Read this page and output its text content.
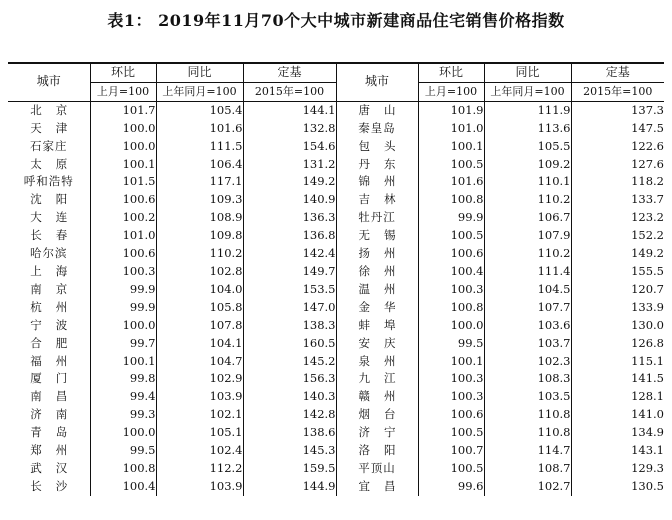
表1： 2019年11月70个大中城市新建商品住宅销售价格指数
城市	环比	同比	定基	城市	环比	同比	定基
	上月=100	上年同月=100	2015年=100		上月=100	上年同月=100	2015年=100
北京	101.7	105.4	144.1	唐山	101.9	111.9	137.3
天津	100.0	101.6	132.8	秦皇岛	101.0	113.6	147.5
石家庄	100.0	111.5	154.6	包头	100.1	105.5	122.6
太原	100.1	106.4	131.2	丹东	100.5	109.2	127.6
呼和浩特	101.5	117.1	149.2	锦州	101.6	110.1	118.2
沈阳	100.6	109.3	140.9	吉林	100.8	110.2	133.7
大连	100.2	108.9	136.3	牡丹江	99.9	106.7	123.2
长春	101.0	109.8	136.8	无锡	100.5	107.9	152.2
哈尔滨	100.6	110.2	142.4	扬州	100.6	110.2	149.2
上海	100.3	102.8	149.7	徐州	100.4	111.4	155.5
南京	99.9	104.0	153.5	温州	100.3	104.5	120.7
杭州	99.9	105.8	147.0	金华	100.8	107.7	133.9
宁波	100.0	107.8	138.3	蚌埠	100.0	103.6	130.0
合肥	99.7	104.1	160.5	安庆	99.5	103.7	126.8
福州	100.1	104.7	145.2	泉州	100.1	102.3	115.1
厦门	99.8	102.9	156.3	九江	100.3	108.3	141.5
南昌	99.4	103.9	140.3	赣州	100.3	103.5	128.1
济南	99.3	102.1	142.8	烟台	100.6	110.8	141.0
青岛	100.0	105.1	138.6	济宁	100.5	110.8	134.9
郑州	99.5	102.4	145.3	洛阳	100.7	114.7	143.1
武汉	100.8	112.2	159.5	平顶山	100.5	108.7	129.3
长沙	100.4	103.9	144.9	宜昌	99.6	102.7	130.5
